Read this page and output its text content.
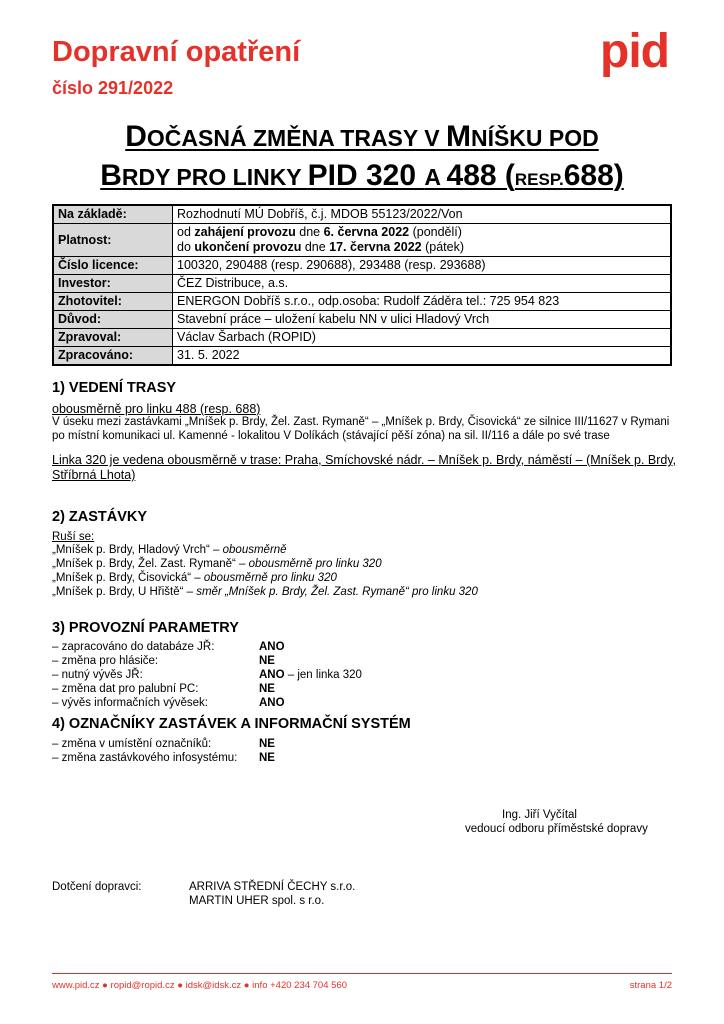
Dopravní opatření
číslo 291/2022
pid
DOČASNÁ ZMĚNA TRASY V MNÍŠKU POD
BRDY PRO LINKY PID 320 A 488 (RESP.688)
Na základě:	Rozhodnutí MÚ Dobříš, č.j. MDOB 55123/2022/Von

Platnost:	od zahájení provozu dne 6. června 2022 (pondělí)
do ukončení provozu dne 17. června 2022 (pátek)

Číslo licence:	100320, 290488 (resp. 290688), 293488 (resp. 293688)

Investor:	ČEZ Distribuce, a.s.

Zhotovitel:	ENERGON Dobříš s.r.o., odp.osoba: Rudolf Záděra tel.: 725 954 823

Důvod:	Stavební práce – uložení kabelu NN v ulici Hladový Vrch

Zpravoval:	Václav Šarbach (ROPID)

Zpracováno:	31. 5. 2022
1) VEDENÍ TRASY
obousměrně pro linku 488 (resp. 688)
V úseku mezi zastávkami „Mníšek p. Brdy, Žel. Zast. Rymaně“ – „Mníšek p. Brdy, Čisovická“ ze silnice III/11627 v Rymani po místní komunikaci ul. Kamenné - lokalitou V Dolíkách (stávající pěší zóna) na sil. II/116 a dále po své trase
Linka 320 je vedena obousměrně v trase: Praha, Smíchovské nádr. – Mníšek p. Brdy, náměstí – (Mníšek p. Brdy, Stříbrná Lhota)
2) ZASTÁVKY
Ruší se:
„Mníšek p. Brdy, Hladový Vrch“ – obousměrně
„Mníšek p. Brdy, Žel. Zast. Rymaně“ – obousměrně pro linku 320
„Mníšek p. Brdy, Čisovická“ – obousměrně pro linku 320
„Mníšek p. Brdy, U Hřiště“ – směr „Mníšek p. Brdy, Žel. Zast. Rymaně“ pro linku 320
3) PROVOZNÍ PARAMETRY
– zapracováno do databáze JŘ:	ANO
– změna pro hlásiče:	NE
– nutný vývěs JŘ:	ANO – jen linka 320
– změna dat pro palubní PC:	NE
– vývěs informačních vývěsek:	ANO
4) OZNAČNÍKY ZASTÁVEK A INFORMAČNÍ SYSTÉM
– změna v umístění označníků:	NE
– změna zastávkového infosystému: NE
Ing. Jiří Vyčítal
vedoucí odboru příměstské dopravy
Dotčení dopravci:	ARRIVA STŘEDNÍ ČECHY s.r.o.
MARTIN UHER spol. s r.o.
www.pid.cz ● ropid@ropid.cz ● idsk@idsk.cz ● info +420 234 704 560	strana 1/2
